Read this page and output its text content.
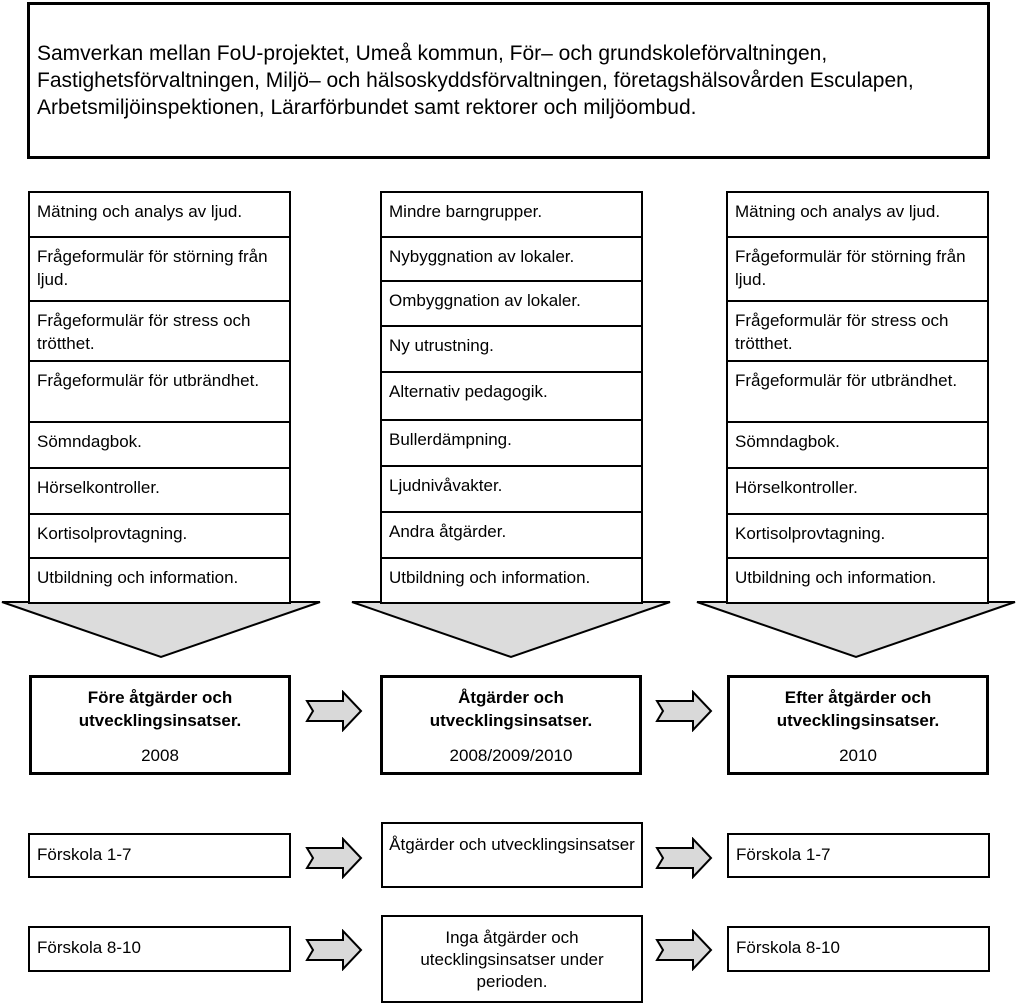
Samverkan mellan FoU-projektet, Umeå kommun, För– och grundskoleförvaltningen, Fastighetsförvaltningen, Miljö– och hälsoskyddsförvaltningen, företagshälsovården Esculapen, Arbetsmiljöinspektionen, Lärarförbundet samt rektorer och miljöombud.
Mätning och analys av ljud.
Frågeformulär för störning från ljud.
Frågeformulär för stress och trötthet.
Frågeformulär för utbrändhet.
Sömndagbok.
Hörselkontroller.
Kortisolprovtagning.
Utbildning och information.
Mindre barngrupper.
Nybyggnation av lokaler.
Ombyggnation av lokaler.
Ny utrustning.
Alternativ pedagogik.
Bullerdämpning.
Ljudnivåvakter.
Andra åtgärder.
Utbildning och information.
Mätning och analys av ljud.
Frågeformulär för störning från ljud.
Frågeformulär för stress och trötthet.
Frågeformulär för utbrändhet.
Sömndagbok.
Hörselkontroller.
Kortisolprovtagning.
Utbildning och information.
Före åtgärder och utvecklingsinsatser.
2008
Åtgärder och utvecklingsinsatser.
2008/2009/2010
Efter åtgärder och utvecklingsinsatser.
2010
Förskola 1-7
Åtgärder och utvecklingsinsatser
Förskola 1-7
Förskola 8-10
Inga åtgärder och utecklingsinsatser under perioden.
Förskola 8-10
